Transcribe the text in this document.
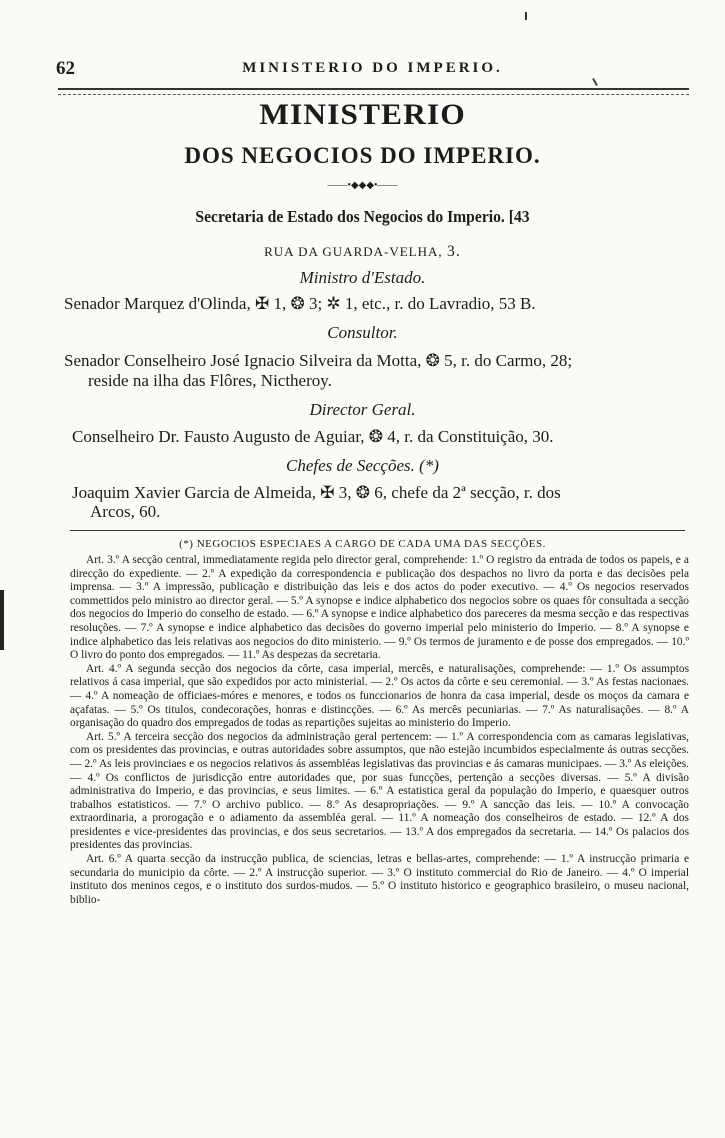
62	MINISTERIO DO IMPERIO.
MINISTERIO
DOS NEGOCIOS DO IMPERIO.
——•◆◆◆•——
Secretaria de Estado dos Negocios do Imperio. [43
RUA DA GUARDA-VELHA, 3.
Ministro d'Estado.
Senador Marquez d'Olinda, ✠ 1, ❂ 3; ✲ 1, etc., r. do Lavradio, 53 B.
Consultor.
Senador Conselheiro José Ignacio Silveira da Motta, ❂ 5, r. do Carmo, 28;
reside na ilha das Flôres, Nictheroy.
Director Geral.
Conselheiro Dr. Fausto Augusto de Aguiar, ❂ 4, r. da Constituição, 30.
Chefes de Secções. (*)
Joaquim Xavier Garcia de Almeida, ✠ 3, ❂ 6, chefe da 2ª secção, r. dos
Arcos, 60.
(*) NEGOCIOS ESPECIAES A CARGO DE CADA UMA DAS SECÇÕES.

Art. 3.º A secção central, immediatamente regida pelo director geral, comprehende: 1.º O registro da entrada de todos os papeis, e a direcção do expediente. — 2.º A expedição da correspondencia e publicação dos despachos no livro da porta e das decisões pela imprensa. — 3.º A impressão, publicação e distribuição das leis e dos actos do poder executivo. — 4.º Os negocios reservados commettidos pelo ministro ao director geral. — 5.º A synopse e indice alphabetico dos negocios sobre os quaes fôr consultada a secção dos negocios do Imperio do conselho de estado. — 6.º A synopse e indice alphabetico dos pareceres da mesma secção e das respectivas resoluções. — 7.º A synopse e indice alphabetico das decisões do governo imperial pelo ministerio do Imperio. — 8.º A synopse e indice alphabetico das leis relativas aos negocios do dito ministerio. — 9.º Os termos de juramento e de posse dos empregados. — 10.º O livro do ponto dos empregados. — 11.º As despezas da secretaria.

Art. 4.º A segunda secção dos negocios da côrte, casa imperial, mercês, e naturalisações, comprehende: — 1.º Os assumptos relativos á casa imperial, que são expedidos por acto ministerial. — 2.º Os actos da côrte e seu ceremonial. — 3.º As festas nacionaes. — 4.º A nomeação de officiaes-móres e menores, e todos os funccionarios de honra da casa imperial, desde os moços da camara e açafatas. — 5.º Os titulos, condecorações, honras e distincções. — 6.º As mercês pecuniarias. — 7.º As naturalisações. — 8.º A organisação do quadro dos empregados de todas as repartições sujeitas ao ministerio do Imperio.

Art. 5.º A terceira secção dos negocios da administração geral pertencem: — 1.º A correspondencia com as camaras legislativas, com os presidentes das provincias, e outras autoridades sobre assumptos, que não estejão incumbidos especialmente ás outras secções. — 2.º As leis provinciaes e os negocios relativos ás assembléas legislativas das provincias e ás camaras municipaes. — 3.º As eleições. — 4.º Os conflictos de jurisdicção entre autoridades que, por suas funcções, pertenção a secções diversas. — 5.º A divisão administrativa do Imperio, e das provincias, e seus limites. — 6.º A estatistica geral da população do Imperio, e quaesquer outros trabalhos estatisticos. — 7.º O archivo publico. — 8.º As desapropriações. — 9.º A sancção das leis. — 10.º A convocação extraordinaria, a prorogação e o adiamento da assembléa geral. — 11.º A nomeação dos conselheiros de estado. — 12.º A dos presidentes e vice-presidentes das provincias, e dos seus secretarios. — 13.º A dos empregados da secretaria. — 14.º Os palacios dos presidentes das provincias.

Art. 6.º A quarta secção da instrucção publica, de sciencias, letras e bellas-artes, comprehende: — 1.º A instrucção primaria e secundaria do municipio da côrte. — 2.º A instrucção superior. — 3.º O instituto commercial do Rio de Janeiro. — 4.º O imperial instituto dos meninos cegos, e o instituto dos surdos-mudos. — 5.º O instituto historico e geographico brasileiro, o museu nacional, biblio-
